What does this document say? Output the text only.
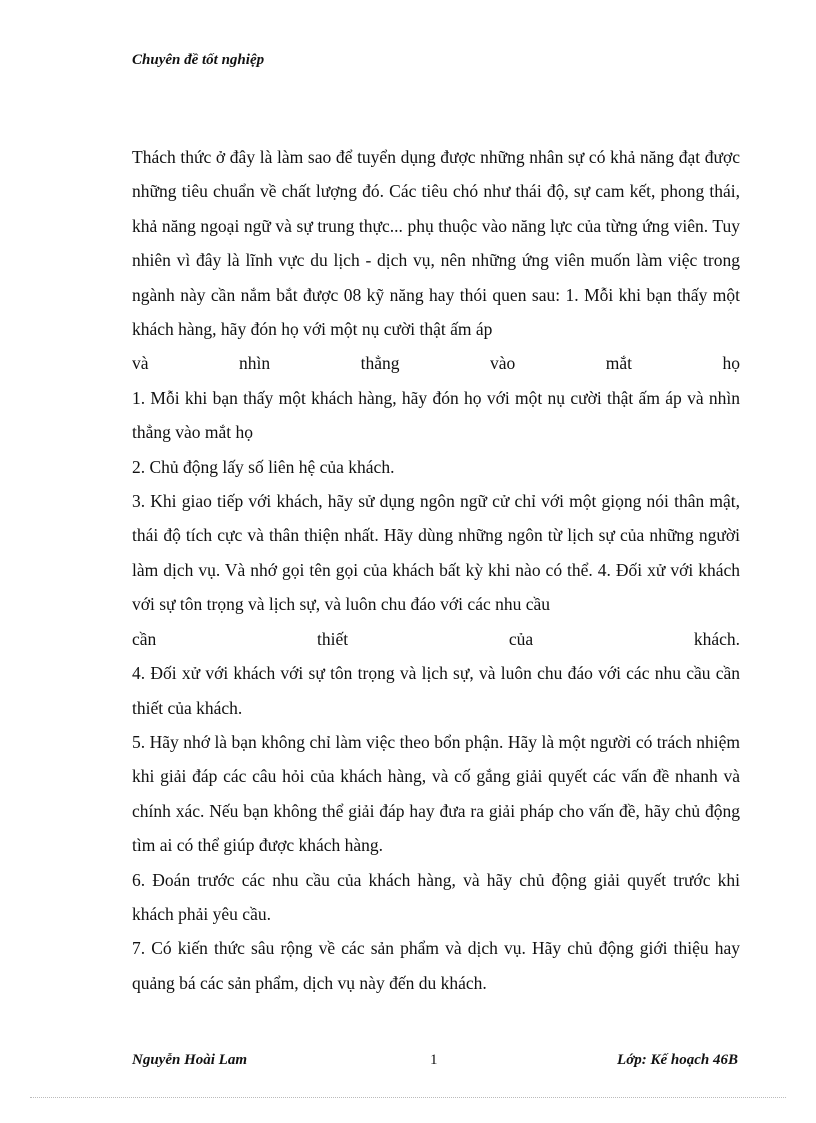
Chuyên đề tốt nghiệp

Thách thức ở đây là làm sao để tuyển dụng được những nhân sự có khả năng đạt được những tiêu chuẩn về chất lượng đó. Các tiêu chó như thái độ, sự cam kết, phong thái, khả năng ngoại ngữ và sự trung thực... phụ thuộc vào năng lực của từng ứng viên. Tuy nhiên vì đây là lĩnh vực du lịch - dịch vụ, nên những ứng viên muốn làm việc trong ngành này cần nắm bắt được 08 kỹ năng hay thói quen sau: 1. Mỗi khi bạn thấy một khách hàng, hãy đón họ với một nụ cười thật ấm áp

và	nhìn	thẳng	vào	mắt	họ

1. Mỗi khi bạn thấy một khách hàng, hãy đón họ với một nụ cười thật ấm áp và nhìn thẳng vào mắt họ

2. Chủ động lấy số liên hệ của khách.

3. Khi giao tiếp với khách, hãy sử dụng ngôn ngữ cử chỉ với một giọng nói thân mật, thái độ tích cực và thân thiện nhất. Hãy dùng những ngôn từ lịch sự của những người làm dịch vụ. Và nhớ gọi tên gọi của khách bất kỳ khi nào có thể. 4. Đối xử với khách với sự tôn trọng và lịch sự, và luôn chu đáo với các nhu cầu

cần	thiết	của	khách.

4. Đối xử với khách với sự tôn trọng và lịch sự, và luôn chu đáo với các nhu cầu cần thiết của khách.

5. Hãy nhớ là bạn không chỉ làm việc theo bổn phận. Hãy là một người có trách nhiệm khi giải đáp các câu hỏi của khách hàng, và cố gắng giải quyết các vấn đề nhanh và chính xác. Nếu bạn không thể giải đáp hay đưa ra giải pháp cho vấn đề, hãy chủ động tìm ai có thể giúp được khách hàng.

6. Đoán trước các nhu cầu của khách hàng, và hãy chủ động giải quyết trước khi khách phải yêu cầu.

7. Có kiến thức sâu rộng về các sản phẩm và dịch vụ. Hãy chủ động giới thiệu hay quảng bá các sản phẩm, dịch vụ này đến du khách.

Nguyễn Hoài Lam	1	Lớp: Kế hoạch 46B
